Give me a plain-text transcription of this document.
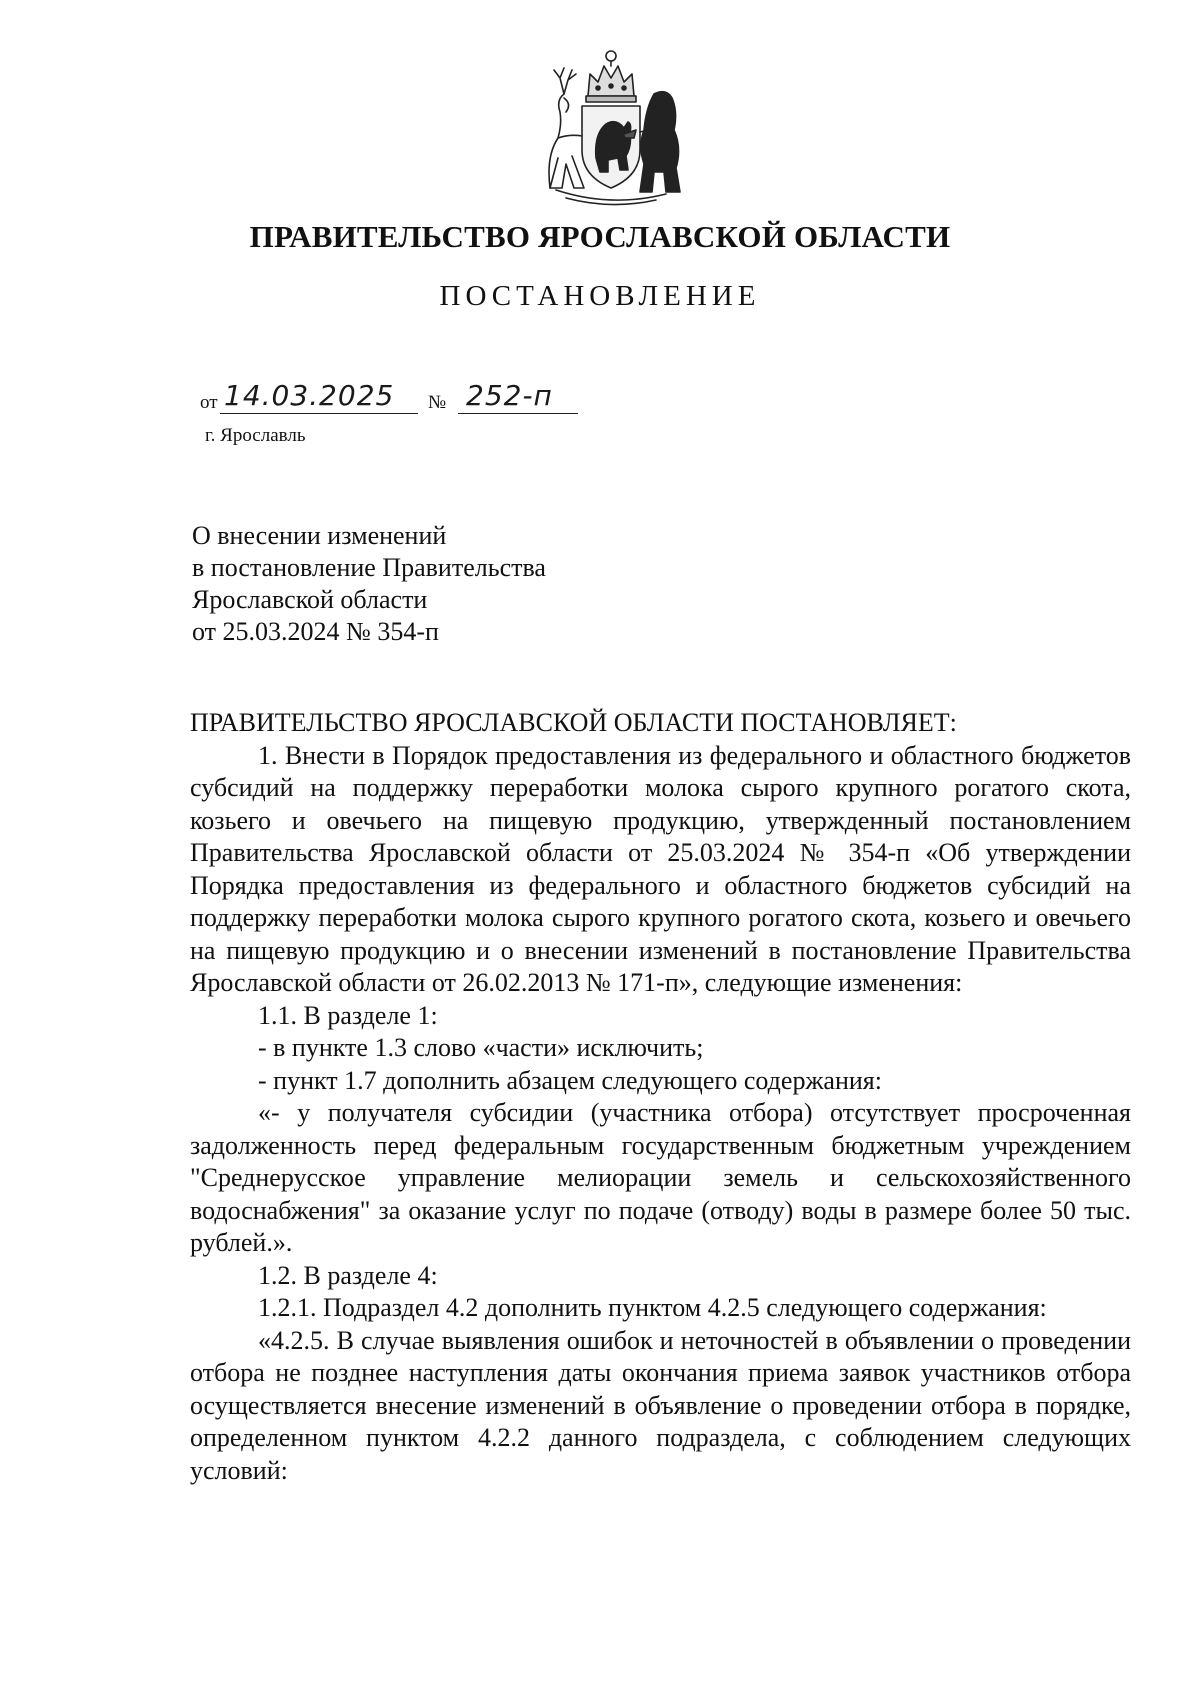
ПРАВИТЕЛЬСТВО ЯРОСЛАВСКОЙ ОБЛАСТИ
ПОСТАНОВЛЕНИЕ
от 14.03.2025 № 252-п
г. Ярославль
О внесении изменений
в постановление Правительства
Ярославской области
от 25.03.2024 № 354-п

ПРАВИТЕЛЬСТВО ЯРОСЛАВСКОЙ ОБЛАСТИ ПОСТАНОВЛЯЕТ:

1. Внести в Порядок предоставления из федерального и областного бюджетов субсидий на поддержку переработки молока сырого крупного рогатого скота, козьего и овечьего на пищевую продукцию, утвержденный постановлением Правительства Ярославской области от 25.03.2024 № 354-п «Об утверждении Порядка предоставления из федерального и областного бюджетов субсидий на поддержку переработки молока сырого крупного рогатого скота, козьего и овечьего на пищевую продукцию и о внесении изменений в постановление Правительства Ярославской области от 26.02.2013 № 171-п», следующие изменения:

1.1. В разделе 1:

- в пункте 1.3 слово «части» исключить;

- пункт 1.7 дополнить абзацем следующего содержания:

«- у получателя субсидии (участника отбора) отсутствует просроченная задолженность перед федеральным государственным бюджетным учреждением "Среднерусское управление мелиорации земель и сельскохозяйственного водоснабжения" за оказание услуг по подаче (отводу) воды в размере более 50 тыс. рублей.».

1.2. В разделе 4:

1.2.1. Подраздел 4.2 дополнить пунктом 4.2.5 следующего содержания:

«4.2.5. В случае выявления ошибок и неточностей в объявлении о проведении отбора не позднее наступления даты окончания приема заявок участников отбора осуществляется внесение изменений в объявление о проведении отбора в порядке, определенном пунктом 4.2.2 данного подраздела, с соблюдением следующих условий:
